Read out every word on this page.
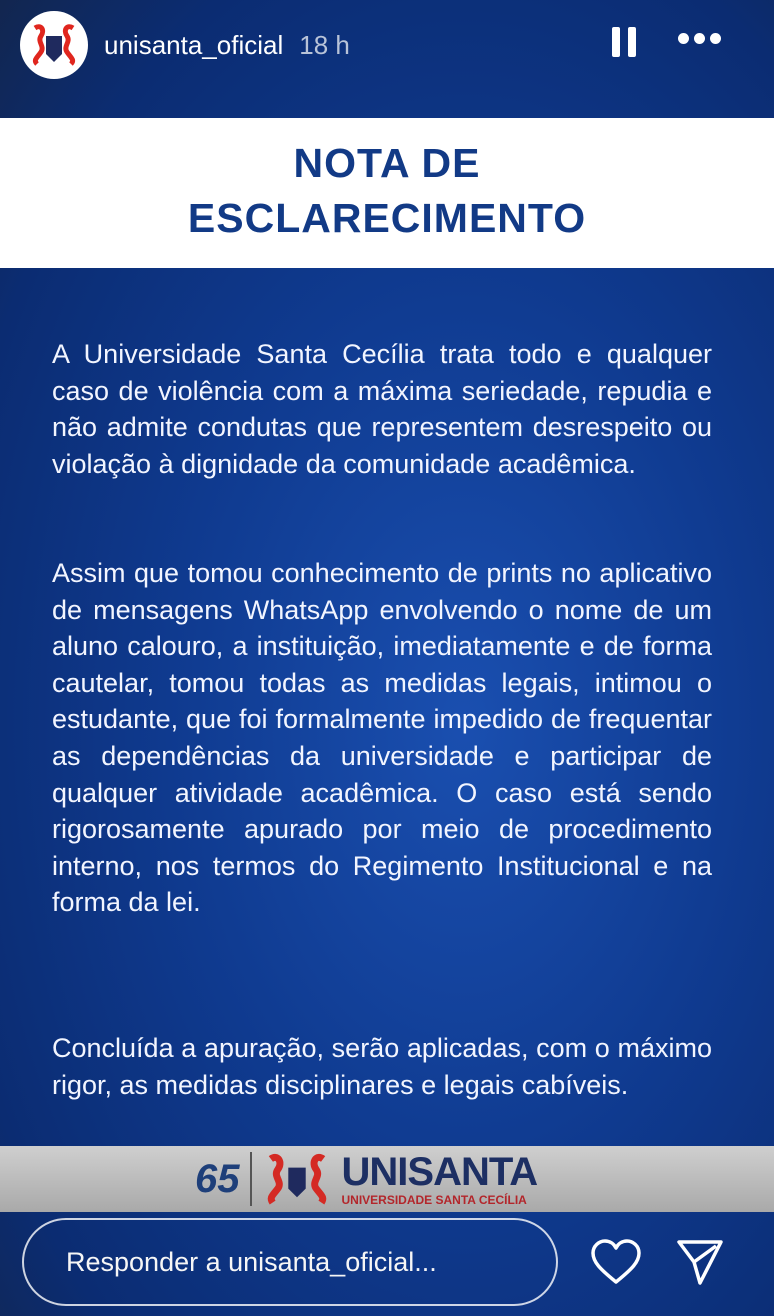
unisanta_oficial 18 h
NOTA DE
ESCLARECIMENTO

A Universidade Santa Cecília trata todo e qualquer caso de violência com a máxima seriedade, repudia e não admite condutas que representem desrespeito ou violação à dignidade da comunidade acadêmica.

Assim que tomou conhecimento de prints no aplicativo de mensagens WhatsApp envolvendo o nome de um aluno calouro, a instituição, imediatamente e de forma cautelar, tomou todas as medidas legais, intimou o estudante, que foi formalmente impedido de frequentar as dependências da universidade e participar de qualquer atividade acadêmica. O caso está sendo rigorosamente apurado por meio de procedimento interno, nos termos do Regimento Institucional e na forma da lei.

Concluída a apuração, serão aplicadas, com o máximo rigor, as medidas disciplinares e legais cabíveis.

65	UNISANTA
UNIVERSIDADE SANTA CECÍLIA
Responder a unisanta_oficial...
